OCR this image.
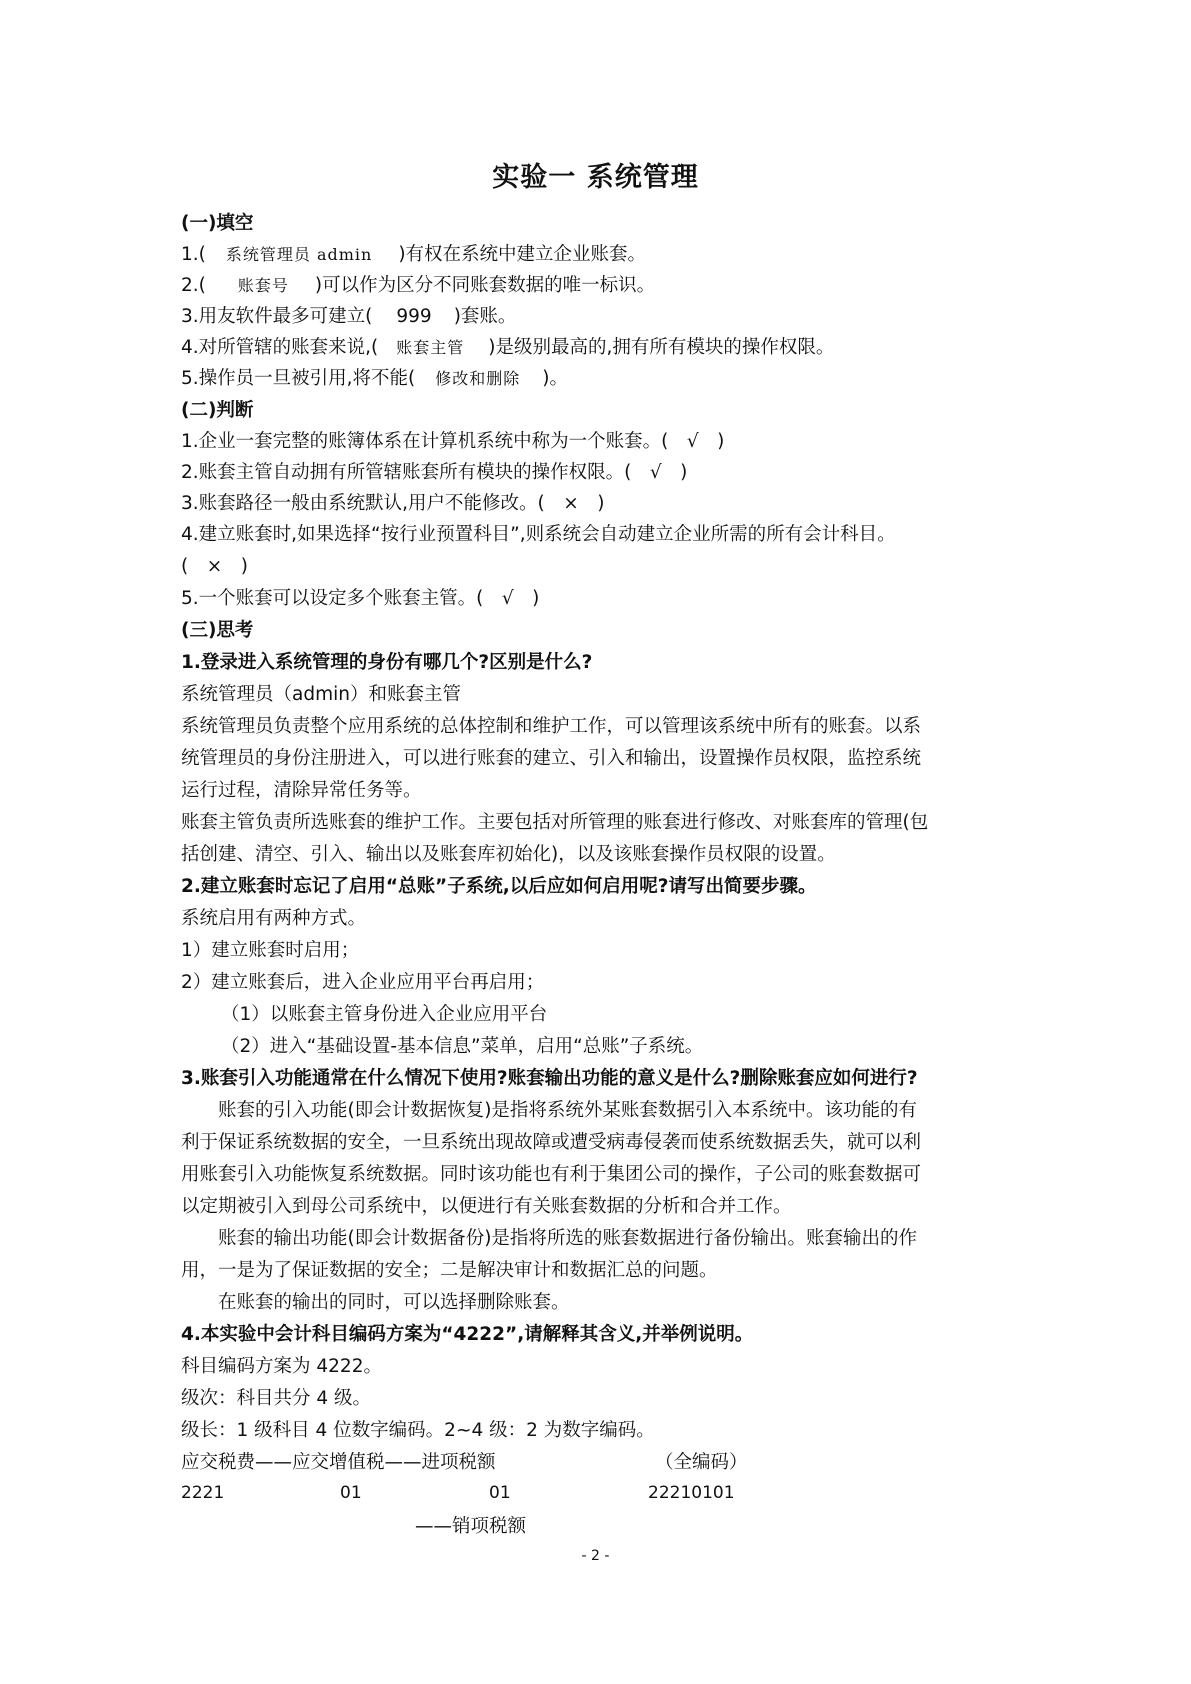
实验一 系统管理
(一)填空
1.( 系统管理员 admin )有权在系统中建立企业账套。
2.( 账套号 )可以作为区分不同账套数据的唯一标识。
3.用友软件最多可建立( 999 )套账。
4.对所管辖的账套来说,( 账套主管 )是级别最高的,拥有所有模块的操作权限。
5.操作员一旦被引用,将不能( 修改和删除 )。
(二)判断
1.企业一套完整的账簿体系在计算机系统中称为一个账套。(　√　)
2.账套主管自动拥有所管辖账套所有模块的操作权限。(　√　)
3.账套路径一般由系统默认,用户不能修改。(　×　)
4.建立账套时,如果选择“按行业预置科目”,则系统会自动建立企业所需的所有会计科目。
(　×　)
5.一个账套可以设定多个账套主管。(　√　)
(三)思考
1.登录进入系统管理的身份有哪几个?区别是什么?
系统管理员（admin）和账套主管
系统管理员负责整个应用系统的总体控制和维护工作，可以管理该系统中所有的账套。以系
统管理员的身份注册进入，可以进行账套的建立、引入和输出，设置操作员权限，监控系统
运行过程，清除异常任务等。
账套主管负责所选账套的维护工作。主要包括对所管理的账套进行修改、对账套库的管理(包
括创建、清空、引入、输出以及账套库初始化)，以及该账套操作员权限的设置。
2.建立账套时忘记了启用“总账”子系统,以后应如何启用呢?请写出简要步骤。
系统启用有两种方式。
1）建立账套时启用；
2）建立账套后，进入企业应用平台再启用；
（1）以账套主管身份进入企业应用平台
（2）进入“基础设置-基本信息”菜单，启用“总账”子系统。
3.账套引入功能通常在什么情况下使用?账套输出功能的意义是什么?删除账套应如何进行?
　　账套的引入功能(即会计数据恢复)是指将系统外某账套数据引入本系统中。该功能的有
利于保证系统数据的安全，一旦系统出现故障或遭受病毒侵袭而使系统数据丢失，就可以利
用账套引入功能恢复系统数据。同时该功能也有利于集团公司的操作，子公司的账套数据可
以定期被引入到母公司系统中，以便进行有关账套数据的分析和合并工作。
　　账套的输出功能(即会计数据备份)是指将所选的账套数据进行备份输出。账套输出的作
用，一是为了保证数据的安全；二是解决审计和数据汇总的问题。
　　在账套的输出的同时，可以选择删除账套。
4.本实验中会计科目编码方案为“4222”,请解释其含义,并举例说明。
科目编码方案为 4222。
级次：科目共分 4 级。
级长：1 级科目 4 位数字编码。2~4 级：2 为数字编码。
应交税费——应交增值税——进项税额	（全编码）
2221	01	01	22210101
——销项税额
- 2 -
